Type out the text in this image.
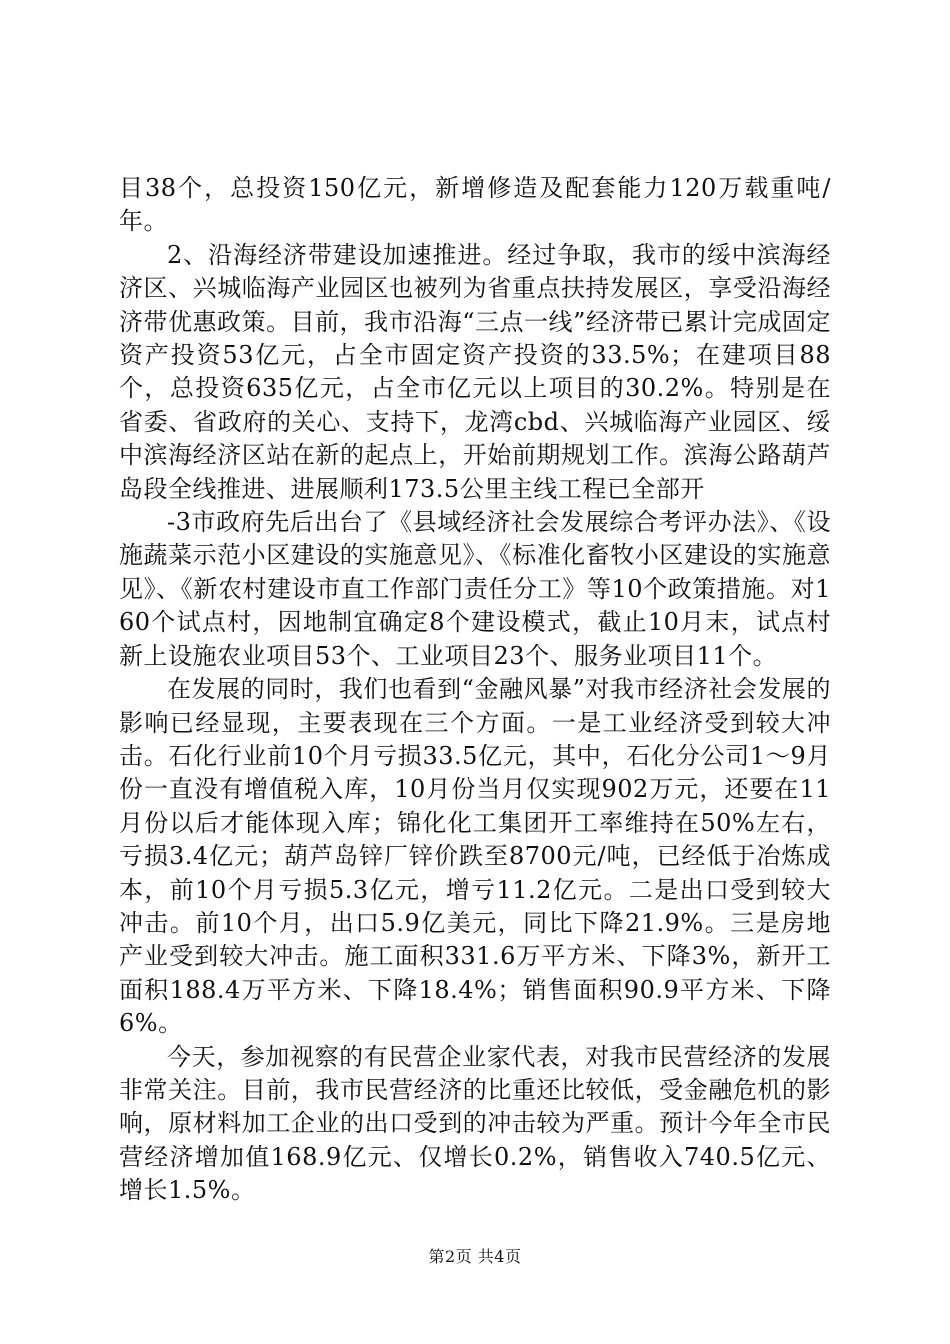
目38个，总投资150亿元，新增修造及配套能力120万载重吨/年。

2、沿海经济带建设加速推进。经过争取，我市的绥中滨海经济区、兴城临海产业园区也被列为省重点扶持发展区，享受沿海经济带优惠政策。目前，我市沿海“三点一线”经济带已累计完成固定资产投资53亿元，占全市固定资产投资的33.5%；在建项目88个，总投资635亿元，占全市亿元以上项目的30.2%。特别是在省委、省政府的关心、支持下，龙湾cbd、兴城临海产业园区、绥中滨海经济区站在新的起点上，开始前期规划工作。滨海公路葫芦岛段全线推进、进展顺利173.5公里主线工程已全部开

-3市政府先后出台了《县域经济社会发展综合考评办法》、《设施蔬菜示范小区建设的实施意见》、《标准化畜牧小区建设的实施意见》、《新农村建设市直工作部门责任分工》等10个政策措施。对160个试点村，因地制宜确定8个建设模式，截止10月末，试点村新上设施农业项目53个、工业项目23个、服务业项目11个。

在发展的同时，我们也看到“金融风暴”对我市经济社会发展的影响已经显现，主要表现在三个方面。一是工业经济受到较大冲击。石化行业前10个月亏损33.5亿元，其中，石化分公司1～9月份一直没有增值税入库，10月份当月仅实现902万元，还要在11月份以后才能体现入库；锦化化工集团开工率维持在50%左右，亏损3.4亿元；葫芦岛锌厂锌价跌至8700元/吨，已经低于冶炼成本，前10个月亏损5.3亿元，增亏11.2亿元。二是出口受到较大冲击。前10个月，出口5.9亿美元，同比下降21.9%。三是房地产业受到较大冲击。施工面积331.6万平方米、下降3%，新开工面积188.4万平方米、下降18.4%；销售面积90.9平方米、下降6%。

今天，参加视察的有民营企业家代表，对我市民营经济的发展非常关注。目前，我市民营经济的比重还比较低，受金融危机的影响，原材料加工企业的出口受到的冲击较为严重。预计今年全市民营经济增加值168.9亿元、仅增长0.2%，销售收入740.5亿元、增长1.5%。

第2页 共4页
